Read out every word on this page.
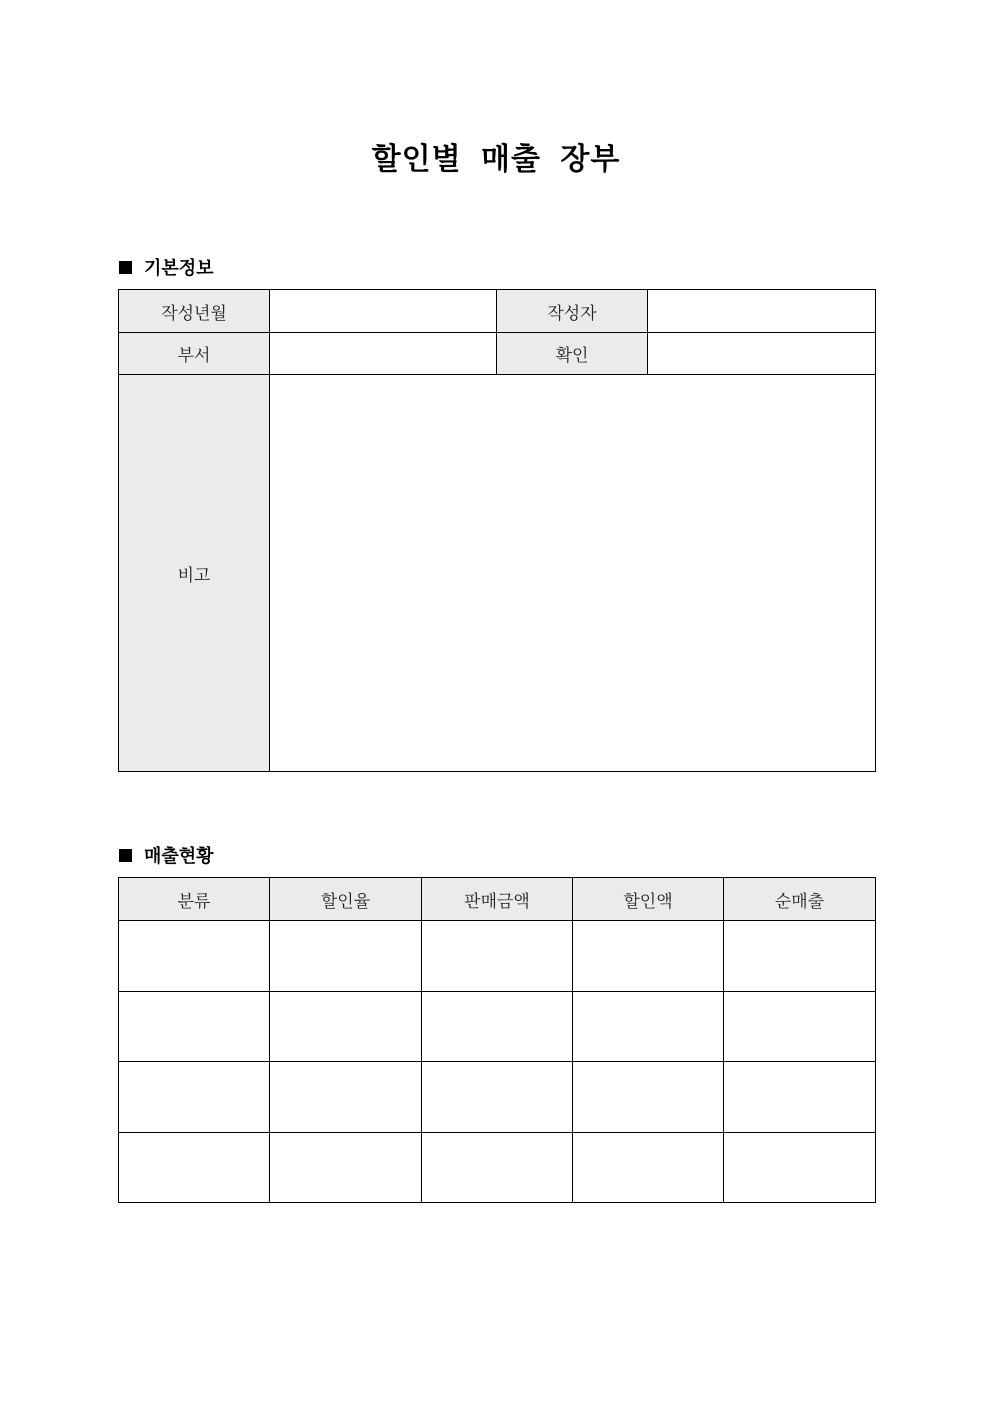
할인별 매출 장부
기본정보
작성년월		작성자	
부서		확인	
비고			
매출현황
분류	할인율	판매금액	할인액	순매출
